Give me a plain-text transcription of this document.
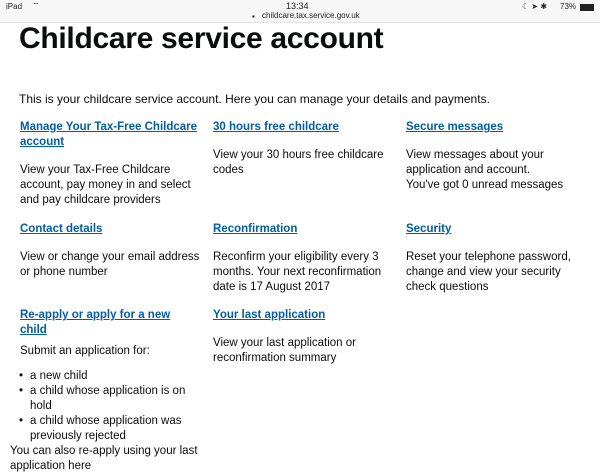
iPad ⌔	13:34
▪ childcare.tax.service.gov.uk
☾ ➤ ✱ 73%
Childcare service account
This is your childcare service account. Here you can manage your details and payments.
Manage Your Tax-Free Childcare account

View your Tax-Free Childcare account, pay money in and select and pay childcare providers

30 hours free childcare

View your 30 hours free childcare codes

Secure messages

View messages about your application and account.

You've got 0 unread messages

Contact details

View or change your email address or phone number

Reconfirmation

Reconfirm your eligibility every 3 months. Your next reconfirmation date is 17 August 2017

Security

Reset your telephone password, change and view your security check questions

Re-apply or apply for a new child

Submit an application for:

• a new child
• a child whose application is on hold
• a child whose application was previously rejected

You can also re-apply using your last application here

Your last application

View your last application or reconfirmation summary
